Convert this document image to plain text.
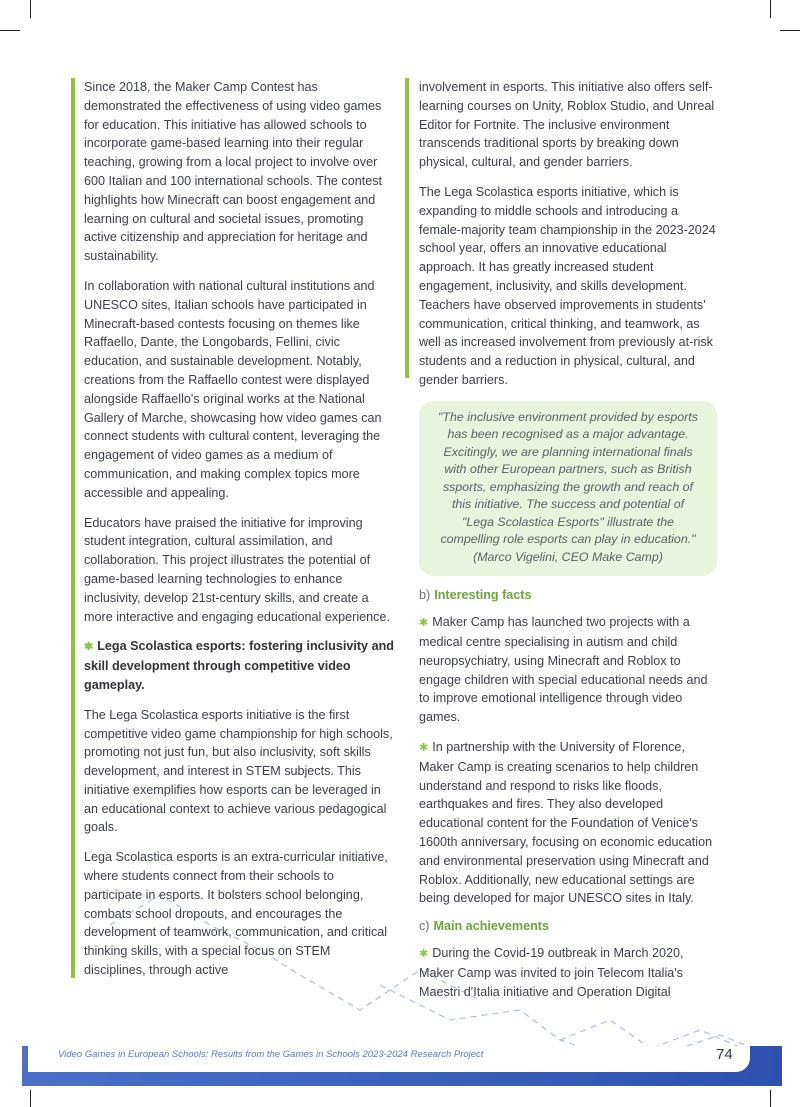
Since 2018, the Maker Camp Contest has demonstrated the effectiveness of using video games for education. This initiative has allowed schools to incorporate game-based learning into their regular teaching, growing from a local project to involve over 600 Italian and 100 international schools. The contest highlights how Minecraft can boost engagement and learning on cultural and societal issues, promoting active citizenship and appreciation for heritage and sustainability.

In collaboration with national cultural institutions and UNESCO sites, Italian schools have participated in Minecraft-based contests focusing on themes like Raffaello, Dante, the Longobards, Fellini, civic education, and sustainable development. Notably, creations from the Raffaello contest were displayed alongside Raffaello's original works at the National Gallery of Marche, showcasing how video games can connect students with cultural content, leveraging the engagement of video games as a medium of communication, and making complex topics more accessible and appealing.

Educators have praised the initiative for improving student integration, cultural assimilation, and collaboration. This project illustrates the potential of game-based learning technologies to enhance inclusivity, develop 21st-century skills, and create a more interactive and engaging educational experience.

✱ Lega Scolastica esports: fostering inclusivity and skill development through competitive video gameplay.

The Lega Scolastica esports initiative is the first competitive video game championship for high schools, promoting not just fun, but also inclusivity, soft skills development, and interest in STEM subjects. This initiative exemplifies how esports can be leveraged in an educational context to achieve various pedagogical goals.

Lega Scolastica esports is an extra-curricular initiative, where students connect from their schools to participate in esports. It bolsters school belonging, combats school dropouts, and encourages the development of teamwork, communication, and critical thinking skills, with a special focus on STEM disciplines, through active

involvement in esports. This initiative also offers self-learning courses on Unity, Roblox Studio, and Unreal Editor for Fortnite. The inclusive environment transcends traditional sports by breaking down physical, cultural, and gender barriers.

The Lega Scolastica esports initiative, which is expanding to middle schools and introducing a female-majority team championship in the 2023-2024 school year, offers an innovative educational approach. It has greatly increased student engagement, inclusivity, and skills development. Teachers have observed improvements in students' communication, critical thinking, and teamwork, as well as increased involvement from previously at-risk students and a reduction in physical, cultural, and gender barriers.

"The inclusive environment provided by esports has been recognised as a major advantage. Excitingly, we are planning international finals with other European partners, such as British ssports, emphasizing the growth and reach of this initiative. The success and potential of "Lega Scolastica Esports" illustrate the compelling role esports can play in education." (Marco Vigelini, CEO Make Camp)
b) Interesting facts

✱ Maker Camp has launched two projects with a medical centre specialising in autism and child neuropsychiatry, using Minecraft and Roblox to engage children with special educational needs and to improve emotional intelligence through video games.

✱ In partnership with the University of Florence, Maker Camp is creating scenarios to help children understand and respond to risks like floods, earthquakes and fires. They also developed educational content for the Foundation of Venice's 1600th anniversary, focusing on economic education and environmental preservation using Minecraft and Roblox. Additionally, new educational settings are being developed for major UNESCO sites in Italy.

c) Main achievements

✱ During the Covid-19 outbreak in March 2020, Maker Camp was invited to join Telecom Italia's Maestri d'Italia initiative and Operation Digital

Video Games in European Schools: Results from the Games in Schools 2023-2024 Research Project	74
